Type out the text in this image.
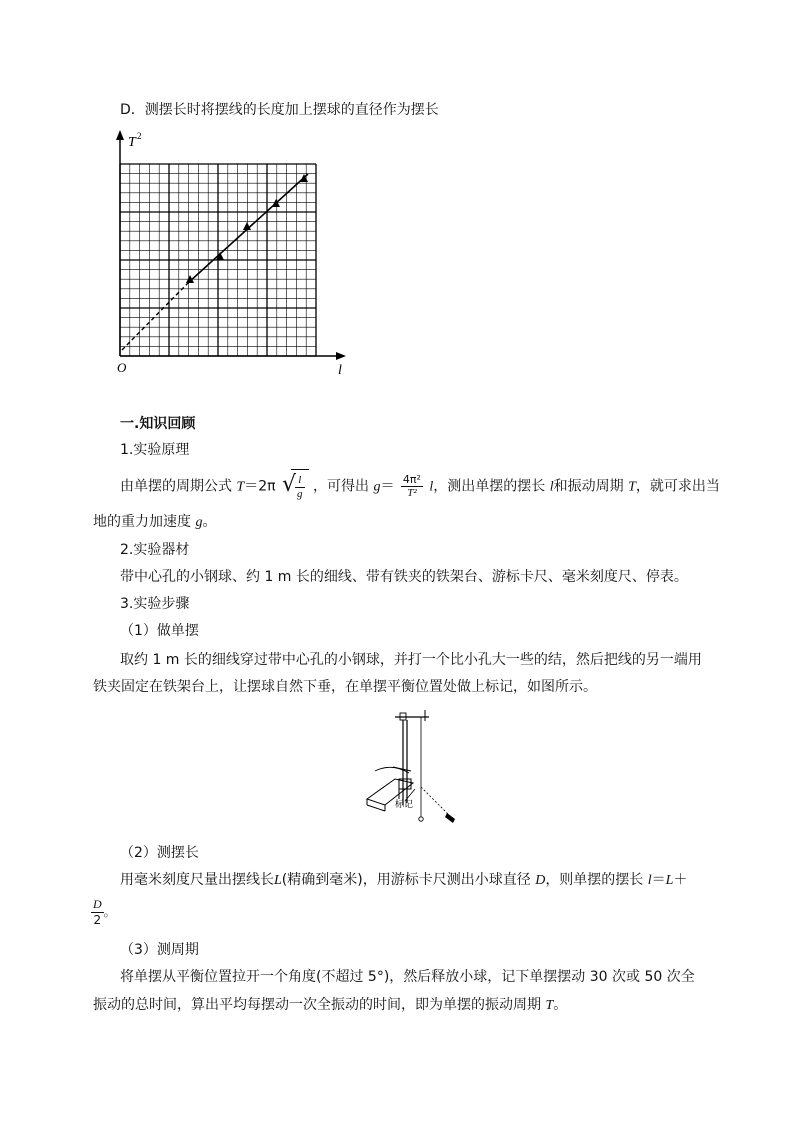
D．测摆长时将摆线的长度加上摆球的直径作为摆长
T 2
O	l
一.知识回顾
1.实验原理
由单摆的周期公式 T＝2π √
$\frac{l}{g}$ ，可得出 $g= \frac{\text{4π²}}{\text{T²}}$ l，测出单摆的摆长 l和振动周期 T，就可求出当
地的重力加速度 g。
2.实验器材
带中心孔的小钢球、约 1 m 长的细线、带有铁夹的铁架台、游标卡尺、毫米刻度尺、停表。
3.实验步骤
（1）做单摆
取约 1 m 长的细线穿过带中心孔的小钢球，并打一个比小孔大一些的结，然后把线的另一端用
铁夹固定在铁架台上，让摆球自然下垂，在单摆平衡位置处做上标记，如图所示。
标记
（2）测摆长
用毫米刻度尺量出摆线长L(精确到毫米)，用游标卡尺测出小球直径 D，则单摆的摆长 l＝L＋
$\frac{D}{2}$ 。
（3）测周期
将单摆从平衡位置拉开一个角度(不超过 5°)，然后释放小球，记下单摆摆动 30 次或 50 次全
振动的总时间，算出平均每摆动一次全振动的时间，即为单摆的振动周期 T。
